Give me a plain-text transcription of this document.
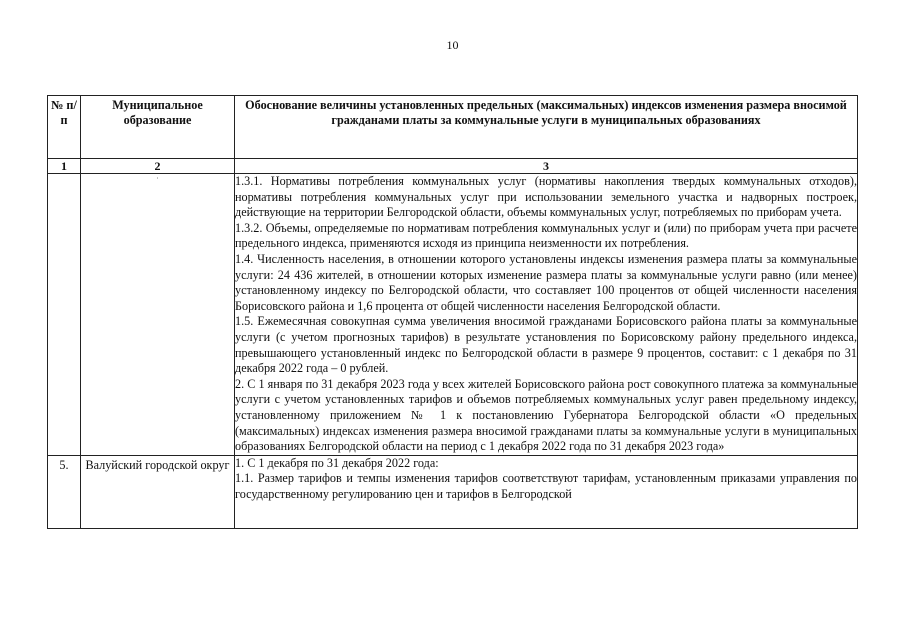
10
№ п/п	Муниципальное образование	Обоснование величины установленных предельных (максимальных) индексов изменения размера вносимой гражданами платы за коммунальные услуги в муниципальных образованиях
1	2	3
	·	1.3.1. Нормативы потребления коммунальных услуг (нормативы накопления твердых коммунальных отходов), нормативы потребления коммунальных услуг при использовании земельного участка и надворных построек, действующие на территории Белгородской области, объемы коммунальных услуг, потребляемых по приборам учета.

1.3.2. Объемы, определяемые по нормативам потребления коммунальных услуг и (или) по приборам учета при расчете предельного индекса, применяются исходя из принципа неизменности их потребления.

1.4. Численность населения, в отношении которого установлены индексы изменения размера платы за коммунальные услуги: 24 436 жителей, в отношении которых изменение размера платы за коммунальные услуги равно (или менее) установленному индексу по Белгородской области, что составляет 100 процентов от общей численности населения Борисовского района и 1,6 процента от общей численности населения Белгородской области.

1.5. Ежемесячная совокупная сумма увеличения вносимой гражданами Борисовского района платы за коммунальные услуги (с учетом прогнозных тарифов) в результате установления по Борисовскому району предельного индекса, превышающего установленный индекс по Белгородской области в размере 9 процентов, составит: с 1 декабря по 31 декабря 2022 года – 0 рублей.

2. С 1 января по 31 декабря 2023 года у всех жителей Борисовского района рост совокупного платежа за коммунальные услуги с учетом установленных тарифов и объемов потребляемых коммунальных услуг равен предельному индексу, установленному приложением № 1 к постановлению Губернатора Белгородской области «О предельных (максимальных) индексах изменения размера вносимой гражданами платы за коммунальные услуги в муниципальных образованиях Белгородской области на период с 1 декабря 2022 года по 31 декабря 2023 года»

5.	Валуйский городской округ	1. С 1 декабря по 31 декабря 2022 года:

1.1. Размер тарифов и темпы изменения тарифов соответствуют тарифам, установленным приказами управления по государственному регулированию цен и тарифов в Белгородской
